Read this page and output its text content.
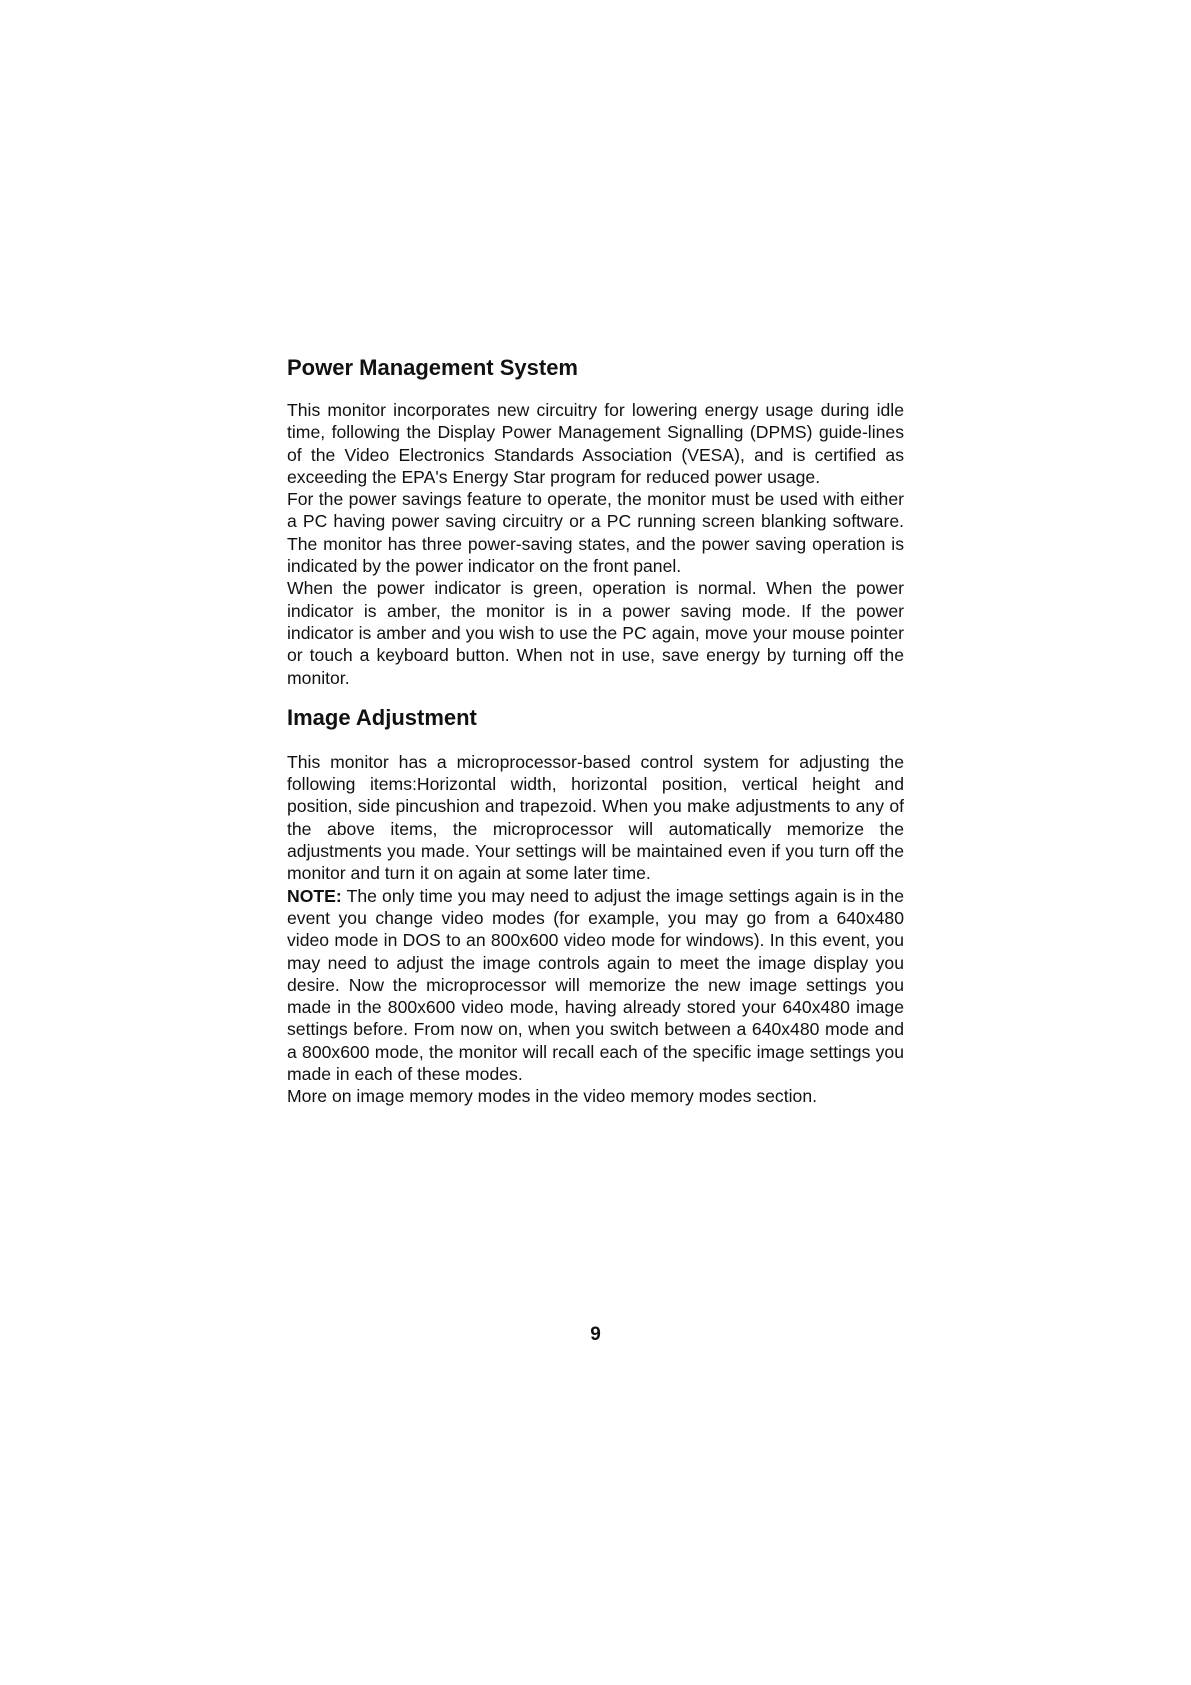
Power Management System

This monitor incorporates new circuitry for lowering energy usage during idle time, following the Display Power Management Signalling (DPMS) guide-lines of the Video Electronics Standards Association (VESA), and is certified as exceeding the EPA's Energy Star program for reduced power usage.

For the power savings feature to operate, the monitor must be used with either a PC having power saving circuitry or a PC running screen blanking software. The monitor has three power-saving states, and the power saving operation is indicated by the power indicator on the front panel.

When the power indicator is green, operation is normal. When the power indicator is amber, the monitor is in a power saving mode. If the power indicator is amber and you wish to use the PC again, move your mouse pointer or touch a keyboard button. When not in use, save energy by turning off the monitor.

Image Adjustment

This monitor has a microprocessor-based control system for adjusting the following items:Horizontal width, horizontal position, vertical height and position, side pincushion and trapezoid. When you make adjustments to any of the above items, the microprocessor will automatically memorize the adjustments you made. Your settings will be maintained even if you turn off the monitor and turn it on again at some later time.

NOTE: The only time you may need to adjust the image settings again is in the event you change video modes (for example, you may go from a 640x480 video mode in DOS to an 800x600 video mode for windows). In this event, you may need to adjust the image controls again to meet the image display you desire. Now the microprocessor will memorize the new image settings you made in the 800x600 video mode, having already stored your 640x480 image settings before. From now on, when you switch between a 640x480 mode and a 800x600 mode, the monitor will recall each of the specific image settings you made in each of these modes.

More on image memory modes in the video memory modes section.

9
